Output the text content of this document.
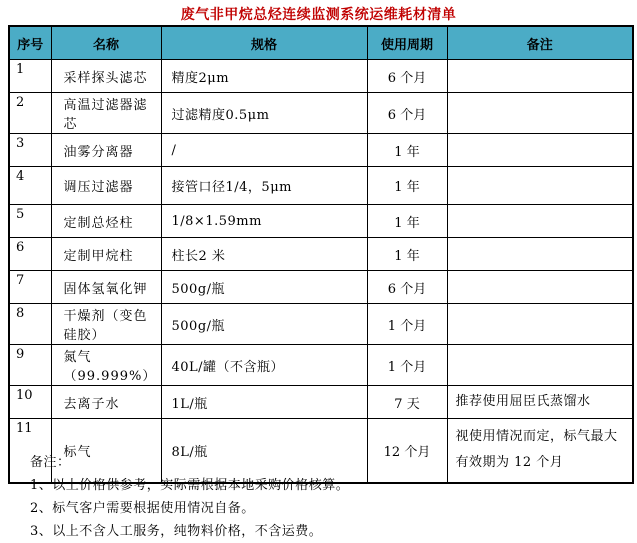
废气非甲烷总烃连续监测系统运维耗材清单
序号	名称	规格	使用周期	备注
1	采样探头滤芯	精度2μm	6 个月	
2	高温过滤器滤芯	过滤精度0.5μm	6 个月	
3	油雾分离器	/	1 年	
4	调压过滤器	接管口径1/4，5μm	1 年	
5	定制总烃柱	1/8×1.59mm	1 年	
6	定制甲烷柱	柱长2 米	1 年	
7	固体氢氧化钾	500g/瓶	6 个月	
8	干燥剂（变色硅胶）	500g/瓶	1 个月	
9	氮气（99.999%）	40L/罐（不含瓶）	1 个月	
10	去离子水	1L/瓶	7 天	推荐使用屈臣氏蒸馏水
11	标气	8L/瓶	12 个月	视使用情况而定，标气最大有效期为 12 个月
备注：
1、以上价格供参考，实际需根据本地采购价格核算。
2、标气客户需要根据使用情况自备。
3、以上不含人工服务，纯物料价格，不含运费。
